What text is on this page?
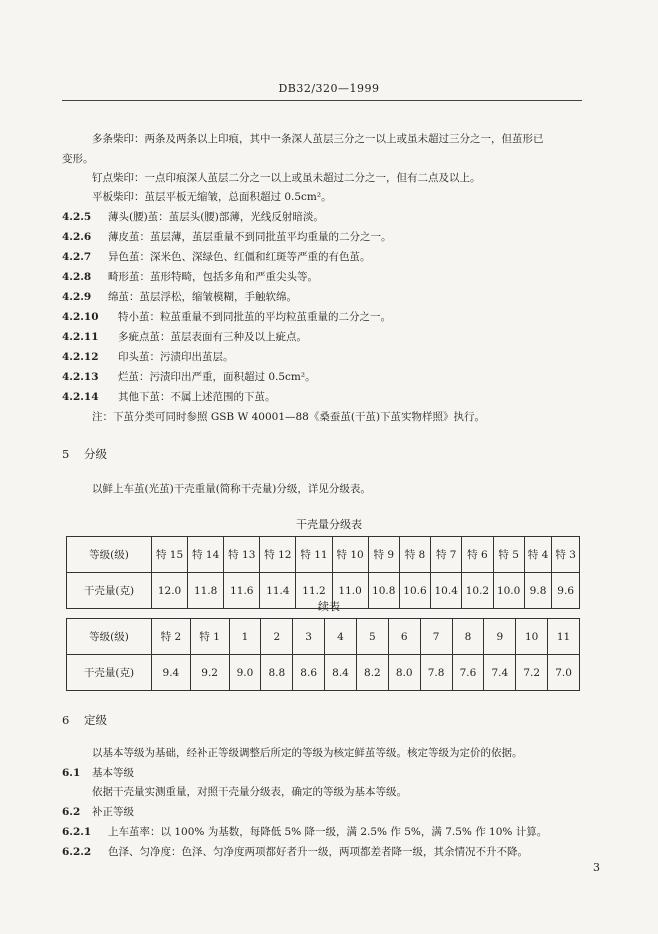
DB32/320—1999
多条柴印：两条及两条以上印痕，其中一条深人茧层三分之一以上或虽未超过三分之一，但茧形已
变形。
钉点柴印：一点印痕深人茧层二分之一以上或虽未超过二分之一，但有二点及以上。
平板柴印：茧层平板无缩皱，总面积超过 0.5cm²。
4.2.5 薄头(腰)茧：茧层头(腰)部薄，光线反射暗淡。
4.2.6 薄皮茧：茧层薄，茧层重量不到同批茧平均重量的二分之一。
4.2.7 异色茧：深米色、深绿色、红僵和红斑等严重的有色茧。
4.2.8 畸形茧：茧形特畸，包括多角和严重尖头等。
4.2.9 绵茧：茧层浮松，缩皱模糊，手触软绵。
4.2.10 特小茧：粒茧重量不到同批茧的平均粒茧重量的二分之一。
4.2.11 多疵点茧：茧层表面有三种及以上疵点。
4.2.12 印头茧：污渍印出茧层。
4.2.13 烂茧：污渍印出严重，面积超过 0.5cm²。
4.2.14 其他下茧：不属上述范围的下茧。
注：下茧分类可同时参照 GSB W 40001—88《桑蚕茧(干茧)下茧实物样照》执行。
5 分级
以鲜上车茧(光茧)干壳重量(简称干壳量)分级，详见分级表。
干壳量分级表
等级(级)	特 15	特 14	特 13	特 12	特 11	特 10	特 9	特 8	特 7	特 6	特 5	特 4	特 3
干壳量(克)	12.0	11.8	11.6	11.4	11.2	11.0	10.8	10.6	10.4	10.2	10.0	9.8	9.6
续表
等级(级)	特 2	特 1	1	2	3	4	5	6	7	8	9	10	11
干壳量(克)	9.4	9.2	9.0	8.8	8.6	8.4	8.2	8.0	7.8	7.6	7.4	7.2	7.0
6 定级
以基本等级为基础，经补正等级调整后所定的等级为核定鲜茧等级。核定等级为定价的依据。
6.1 基本等级
依据干壳量实测重量，对照干壳量分级表，确定的等级为基本等级。
6.2 补正等级
6.2.1 上车茧率：以 100% 为基数，每降低 5% 降一级，满 2.5% 作 5%，满 7.5% 作 10% 计算。
6.2.2 色泽、匀净度：色泽、匀净度两项都好者升一级，两项都差者降一级，其余情况不升不降。
3
